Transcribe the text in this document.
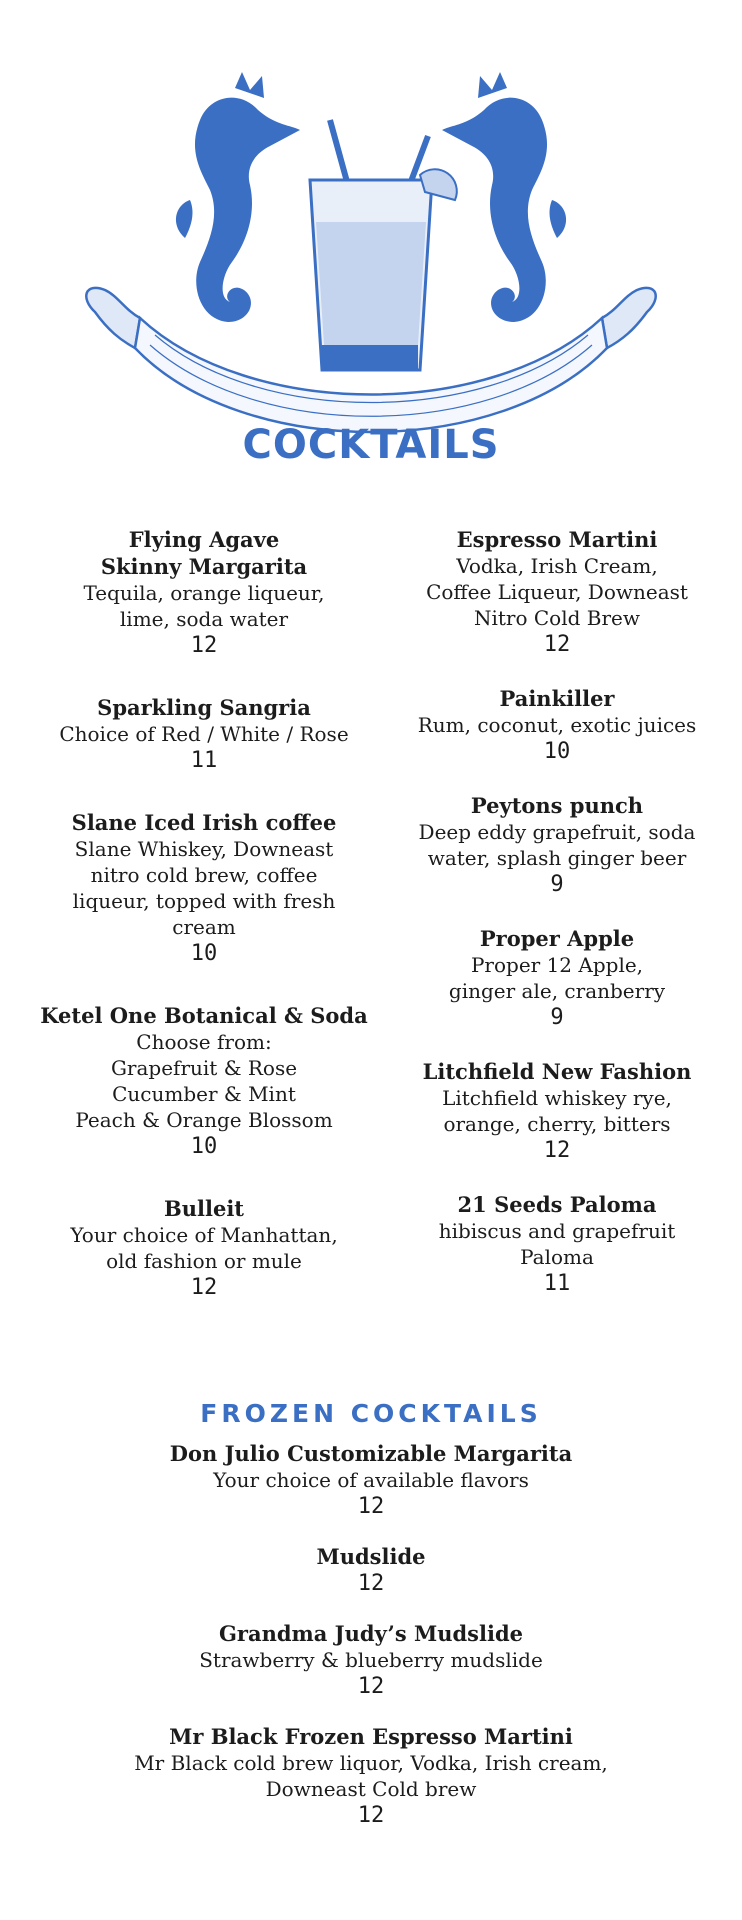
COCKTAILS
Flying Agave
Skinny Margarita
Tequila, orange liqueur,
lime, soda water
12
Sparkling Sangria
Choice of Red / White / Rose
11
Slane Iced Irish coffee
Slane Whiskey, Downeast
nitro cold brew, coffee
liqueur, topped with fresh
cream
10
Ketel One Botanical & Soda
Choose from:
Grapefruit & Rose
Cucumber & Mint
Peach & Orange Blossom
10
Bulleit
Your choice of Manhattan,
old fashion or mule
12
Espresso Martini
Vodka, Irish Cream,
Coffee Liqueur, Downeast
Nitro Cold Brew
12
Painkiller
Rum, coconut, exotic juices
10
Peytons punch
Deep eddy grapefruit, soda
water, splash ginger beer
9
Proper Apple
Proper 12 Apple,
ginger ale, cranberry
9
Litchfield New Fashion
Litchfield whiskey rye,
orange, cherry, bitters
12
21 Seeds Paloma
hibiscus and grapefruit
Paloma
11
FROZEN COCKTAILS
Don Julio Customizable Margarita
Your choice of available flavors
12
Mudslide
12
Grandma Judy’s Mudslide
Strawberry & blueberry mudslide
12
Mr Black Frozen Espresso Martini
Mr Black cold brew liquor, Vodka, Irish cream,
Downeast Cold brew
12
